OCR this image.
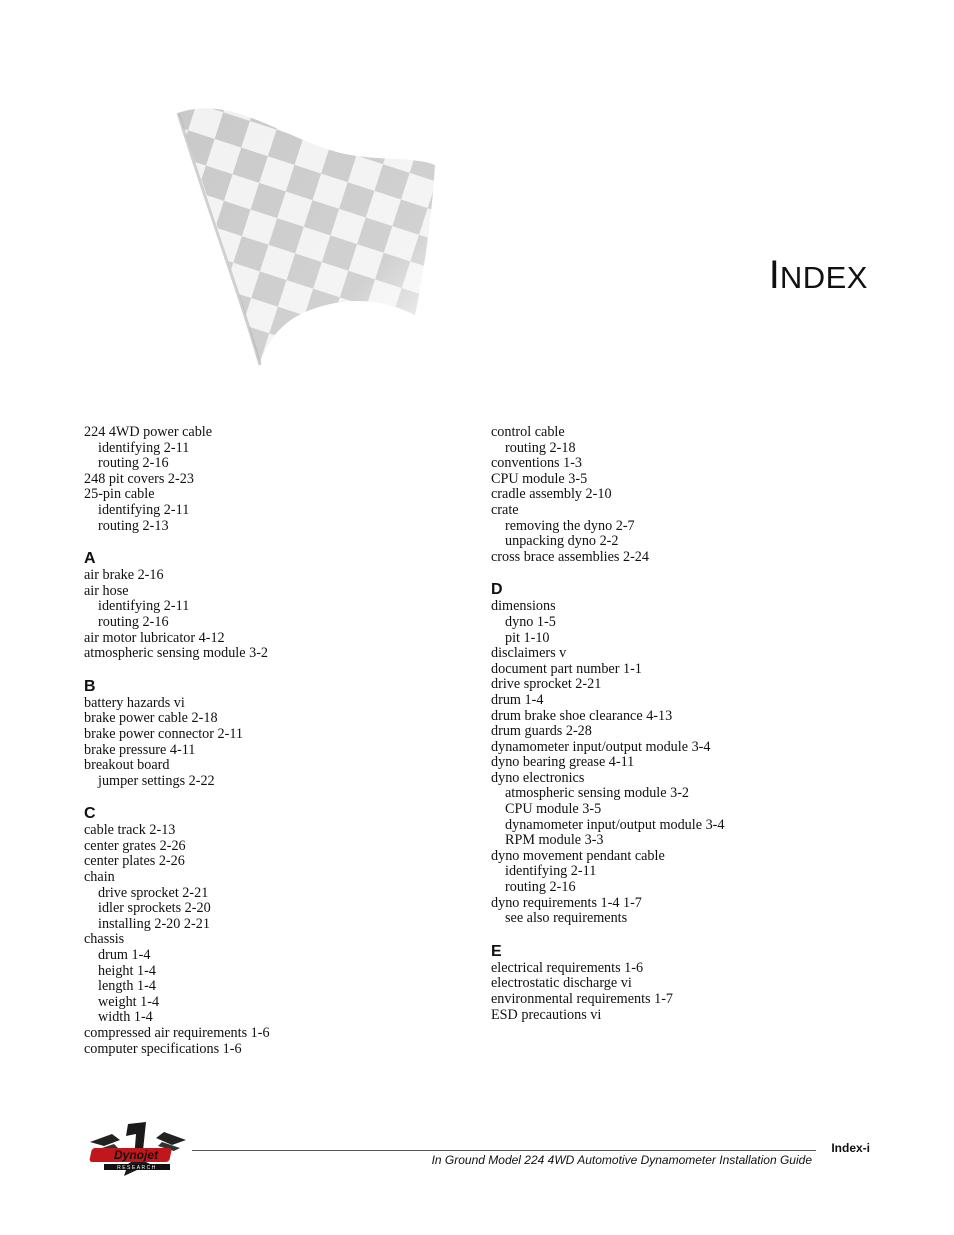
INDEX
224 4WD power cable
identifying 2-11
routing 2-16
248 pit covers 2-23
25-pin cable
identifying 2-11
routing 2-13
A
air brake 2-16
air hose
identifying 2-11
routing 2-16
air motor lubricator 4-12
atmospheric sensing module 3-2
B
battery hazards vi
brake power cable 2-18
brake power connector 2-11
brake pressure 4-11
breakout board
jumper settings 2-22
C
cable track 2-13
center grates 2-26
center plates 2-26
chain
drive sprocket 2-21
idler sprockets 2-20
installing 2-20 2-21
chassis
drum 1-4
height 1-4
length 1-4
weight 1-4
width 1-4
compressed air requirements 1-6
computer specifications 1-6
control cable
routing 2-18
conventions 1-3
CPU module 3-5
cradle assembly 2-10
crate
removing the dyno 2-7
unpacking dyno 2-2
cross brace assemblies 2-24
D
dimensions
dyno 1-5
pit 1-10
disclaimers v
document part number 1-1
drive sprocket 2-21
drum 1-4
drum brake shoe clearance 4-13
drum guards 2-28
dynamometer input/output module 3-4
dyno bearing grease 4-11
dyno electronics
atmospheric sensing module 3-2
CPU module 3-5
dynamometer input/output module 3-4
RPM module 3-3
dyno movement pendant cable
identifying 2-11
routing 2-16
dyno requirements 1-4 1-7
see also requirements
E
electrical requirements 1-6
electrostatic discharge vi
environmental requirements 1-7
ESD precautions vi
Dynojet
RESEARCH
Index-i
In Ground Model 224 4WD Automotive Dynamometer Installation Guide
